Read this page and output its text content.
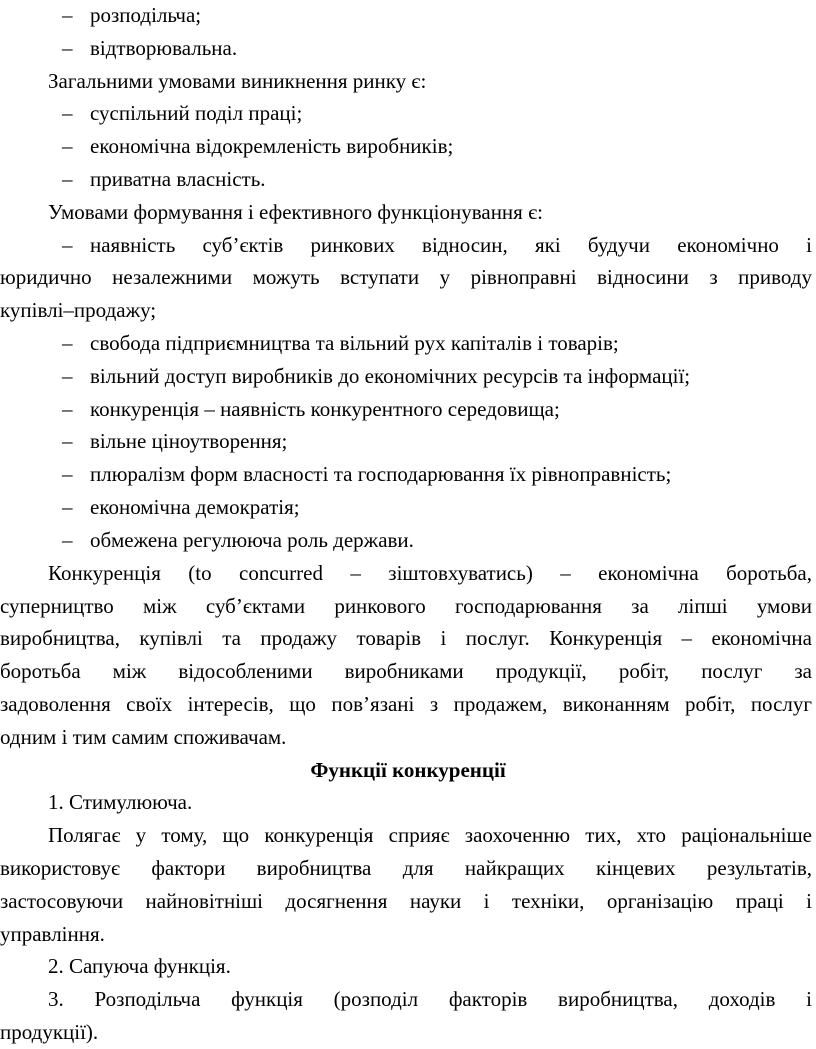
– розподільча;
– відтворювальна.
Загальними умовами виникнення ринку є:
– суспільний поділ праці;
– економічна відокремленість виробників;
– приватна власність.
Умовами формування і ефективного функціонування є:
– наявність суб’єктів ринкових відносин, які будучи економічно і
юридично незалежними можуть вступати у рівноправні відносини з приводу
купівлі–продажу;
– свобода підприємництва та вільний рух капіталів і товарів;
– вільний доступ виробників до економічних ресурсів та інформації;
– конкуренція – наявність конкурентного середовища;
– вільне ціноутворення;
– плюралізм форм власності та господарювання їх рівноправність;
– економічна демократія;
– обмежена регулююча роль держави.
Конкуренція (to concurred – зіштовхуватись) – економічна боротьба,
суперництво між суб’єктами ринкового господарювання за ліпші умови
виробництва, купівлі та продажу товарів і послуг. Конкуренція – економічна
боротьба між відособленими виробниками продукції, робіт, послуг за
задоволення своїх інтересів, що пов’язані з продажем, виконанням робіт, послуг
одним і тим самим споживачам.
Функції конкуренції
1. Стимулююча.
Полягає у тому, що конкуренція сприяє заохоченню тих, хто раціональніше
використовує фактори виробництва для найкращих кінцевих результатів,
застосовуючи найновітніші досягнення науки і техніки, організацію праці і
управління.
2. Сапуюча функція.
3. Розподільча функція (розподіл факторів виробництва, доходів і
продукції).
